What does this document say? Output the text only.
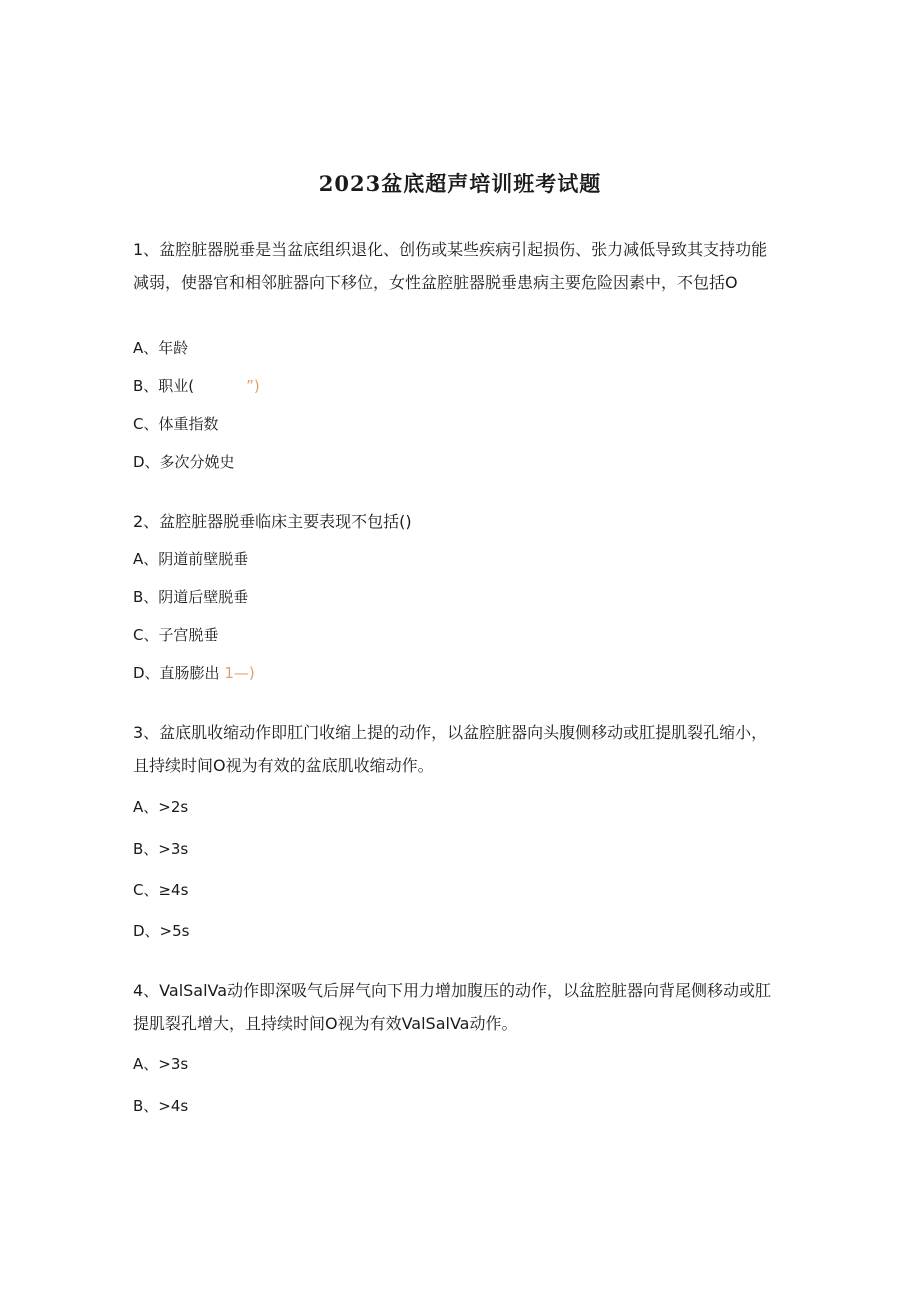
2023盆底超声培训班考试题
1、盆腔脏器脱垂是当盆底组织退化、创伤或某些疾病引起损伤、张力减低导致其支持功能减弱，使器官和相邻脏器向下移位，女性盆腔脏器脱垂患病主要危险因素中，不包括O
A、年龄
B、职业(	”)
C、体重指数
D、多次分娩史
2、盆腔脏器脱垂临床主要表现不包括()
A、阴道前壁脱垂
B、阴道后壁脱垂
C、子宫脱垂
D、直肠膨出 1—)
3、盆底肌收缩动作即肛门收缩上提的动作，以盆腔脏器向头腹侧移动或肛提肌裂孔缩小，且持续时间O视为有效的盆底肌收缩动作。
A、>2s
B、>3s
C、≥4s
D、>5s
4、ValSalVa动作即深吸气后屏气向下用力增加腹压的动作，以盆腔脏器向背尾侧移动或肛提肌裂孔增大，且持续时间O视为有效ValSalVa动作。
A、>3s
B、>4s
